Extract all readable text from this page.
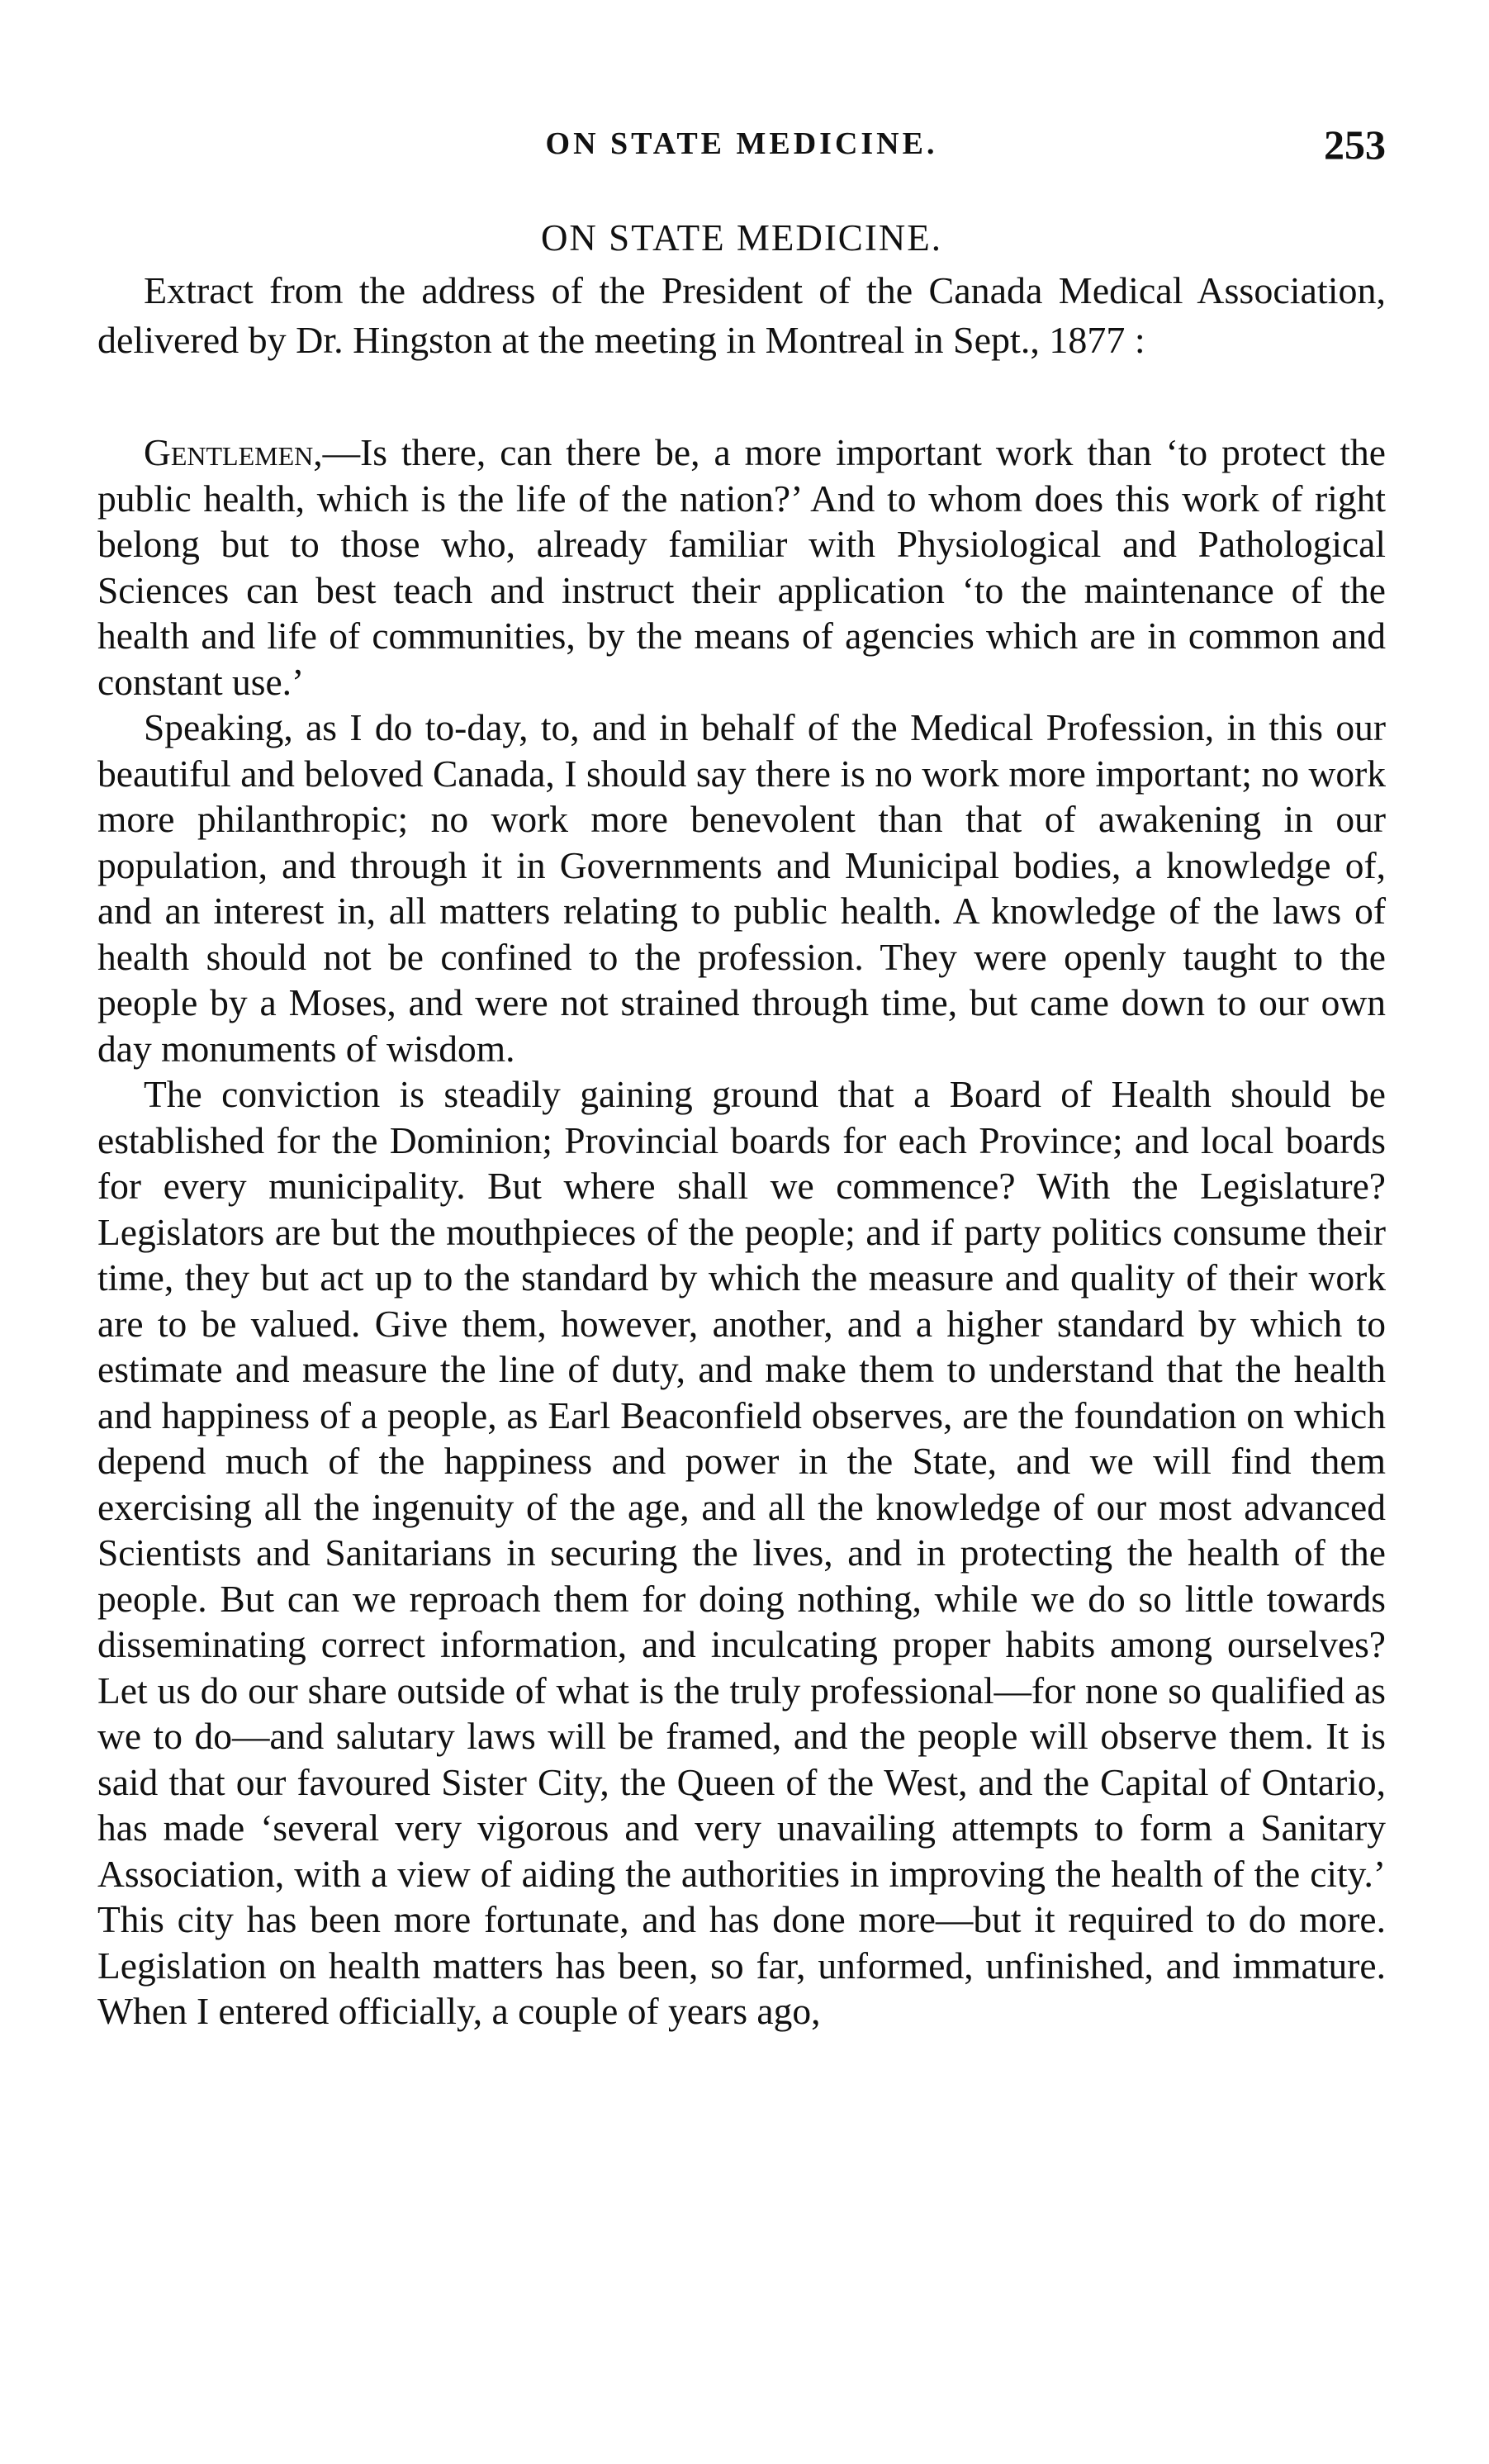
ON STATE MEDICINE.	253
ON STATE MEDICINE.

Extract from the address of the President of the Canada Medical Association, delivered by Dr. Hingston at the meeting in Montreal in Sept., 1877 :

Gentlemen,—Is there, can there be, a more important work than ‘to protect the public health, which is the life of the nation?’ And to whom does this work of right belong but to those who, already familiar with Physiological and Pathological Sciences can best teach and instruct their application ‘to the maintenance of the health and life of communities, by the means of agencies which are in common and constant use.’

Speaking, as I do to-day, to, and in behalf of the Medical Profession, in this our beautiful and beloved Canada, I should say there is no work more important; no work more philanthropic; no work more benevolent than that of awakening in our population, and through it in Governments and Municipal bodies, a knowledge of, and an interest in, all matters relating to public health. A knowledge of the laws of health should not be confined to the profession. They were openly taught to the people by a Moses, and were not strained through time, but came down to our own day monuments of wisdom.

The conviction is steadily gaining ground that a Board of Health should be established for the Dominion; Provincial boards for each Province; and local boards for every municipality. But where shall we commence? With the Legislature? Legislators are but the mouthpieces of the people; and if party politics consume their time, they but act up to the standard by which the measure and quality of their work are to be valued. Give them, however, another, and a higher standard by which to estimate and measure the line of duty, and make them to understand that the health and happiness of a people, as Earl Beaconfield observes, are the foundation on which depend much of the happiness and power in the State, and we will find them exercising all the ingenuity of the age, and all the knowledge of our most advanced Scientists and Sanitarians in securing the lives, and in protecting the health of the people. But can we reproach them for doing nothing, while we do so little towards disseminating correct information, and inculcating proper habits among ourselves? Let us do our share outside of what is the truly professional—for none so qualified as we to do—and salutary laws will be framed, and the people will observe them. It is said that our favoured Sister City, the Queen of the West, and the Capital of Ontario, has made ‘several very vigorous and very unavailing attempts to form a Sanitary Association, with a view of aiding the authorities in improving the health of the city.’ This city has been more fortunate, and has done more—but it required to do more. Legislation on health matters has been, so far, unformed, unfinished, and immature. When I entered officially, a couple of years ago,
